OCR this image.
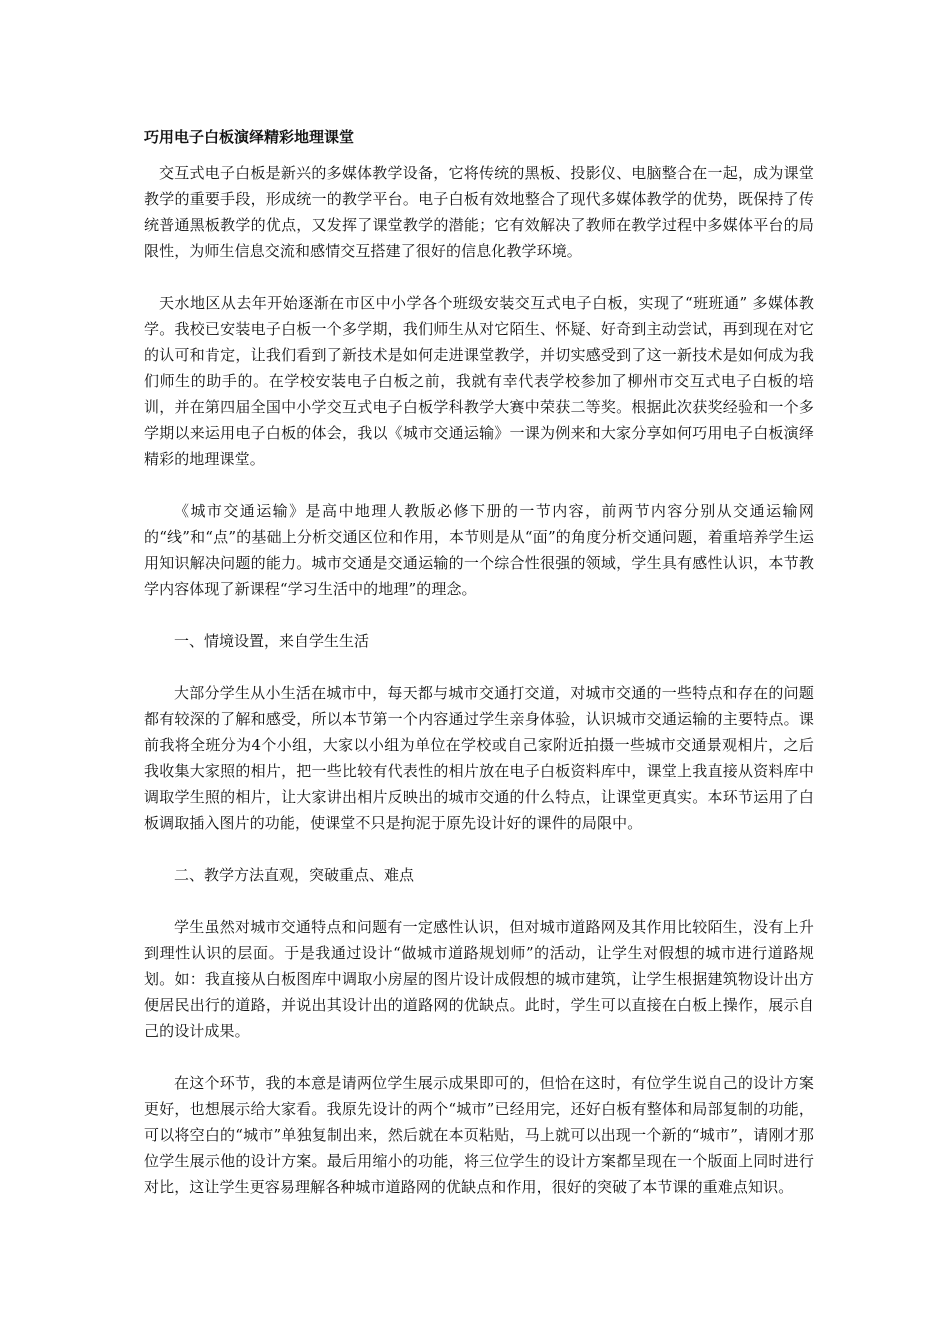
巧用电子白板演绎精彩地理课堂

交互式电子白板是新兴的多媒体教学设备，它将传统的黑板、投影仪、电脑整合在一起，成为课堂教学的重要手段，形成统一的教学平台。电子白板有效地整合了现代多媒体教学的优势，既保持了传统普通黑板教学的优点，又发挥了课堂教学的潜能；它有效解决了教师在教学过程中多媒体平台的局限性，为师生信息交流和感情交互搭建了很好的信息化教学环境。

天水地区从去年开始逐渐在市区中小学各个班级安装交互式电子白板，实现了“班班通” 多媒体教学。我校已安装电子白板一个多学期，我们师生从对它陌生、怀疑、好奇到主动尝试，再到现在对它的认可和肯定，让我们看到了新技术是如何走进课堂教学，并切实感受到了这一新技术是如何成为我们师生的助手的。在学校安装电子白板之前，我就有幸代表学校参加了柳州市交互式电子白板的培训，并在第四届全国中小学交互式电子白板学科教学大赛中荣获二等奖。根据此次获奖经验和一个多学期以来运用电子白板的体会，我以《城市交通运输》一课为例来和大家分享如何巧用电子白板演绎精彩的地理课堂。

《城市交通运输》是高中地理人教版必修下册的一节内容，前两节内容分别从交通运输网的“线”和“点”的基础上分析交通区位和作用，本节则是从“面”的角度分析交通问题，着重培养学生运用知识解决问题的能力。城市交通是交通运输的一个综合性很强的领域，学生具有感性认识，本节教学内容体现了新课程“学习生活中的地理”的理念。

一、情境设置，来自学生生活

大部分学生从小生活在城市中，每天都与城市交通打交道，对城市交通的一些特点和存在的问题都有较深的了解和感受，所以本节第一个内容通过学生亲身体验，认识城市交通运输的主要特点。课前我将全班分为4个小组，大家以小组为单位在学校或自己家附近拍摄一些城市交通景观相片，之后我收集大家照的相片，把一些比较有代表性的相片放在电子白板资料库中，课堂上我直接从资料库中调取学生照的相片，让大家讲出相片反映出的城市交通的什么特点，让课堂更真实。本环节运用了白板调取插入图片的功能，使课堂不只是拘泥于原先设计好的课件的局限中。

二、教学方法直观，突破重点、难点

学生虽然对城市交通特点和问题有一定感性认识，但对城市道路网及其作用比较陌生，没有上升到理性认识的层面。于是我通过设计“做城市道路规划师”的活动，让学生对假想的城市进行道路规划。如：我直接从白板图库中调取小房屋的图片设计成假想的城市建筑，让学生根据建筑物设计出方便居民出行的道路，并说出其设计出的道路网的优缺点。此时，学生可以直接在白板上操作，展示自己的设计成果。

在这个环节，我的本意是请两位学生展示成果即可的，但恰在这时，有位学生说自己的设计方案更好，也想展示给大家看。我原先设计的两个“城市”已经用完，还好白板有整体和局部复制的功能，可以将空白的“城市”单独复制出来，然后就在本页粘贴，马上就可以出现一个新的“城市”，请刚才那位学生展示他的设计方案。最后用缩小的功能，将三位学生的设计方案都呈现在一个版面上同时进行对比，这让学生更容易理解各种城市道路网的优缺点和作用，很好的突破了本节课的重难点知识。
